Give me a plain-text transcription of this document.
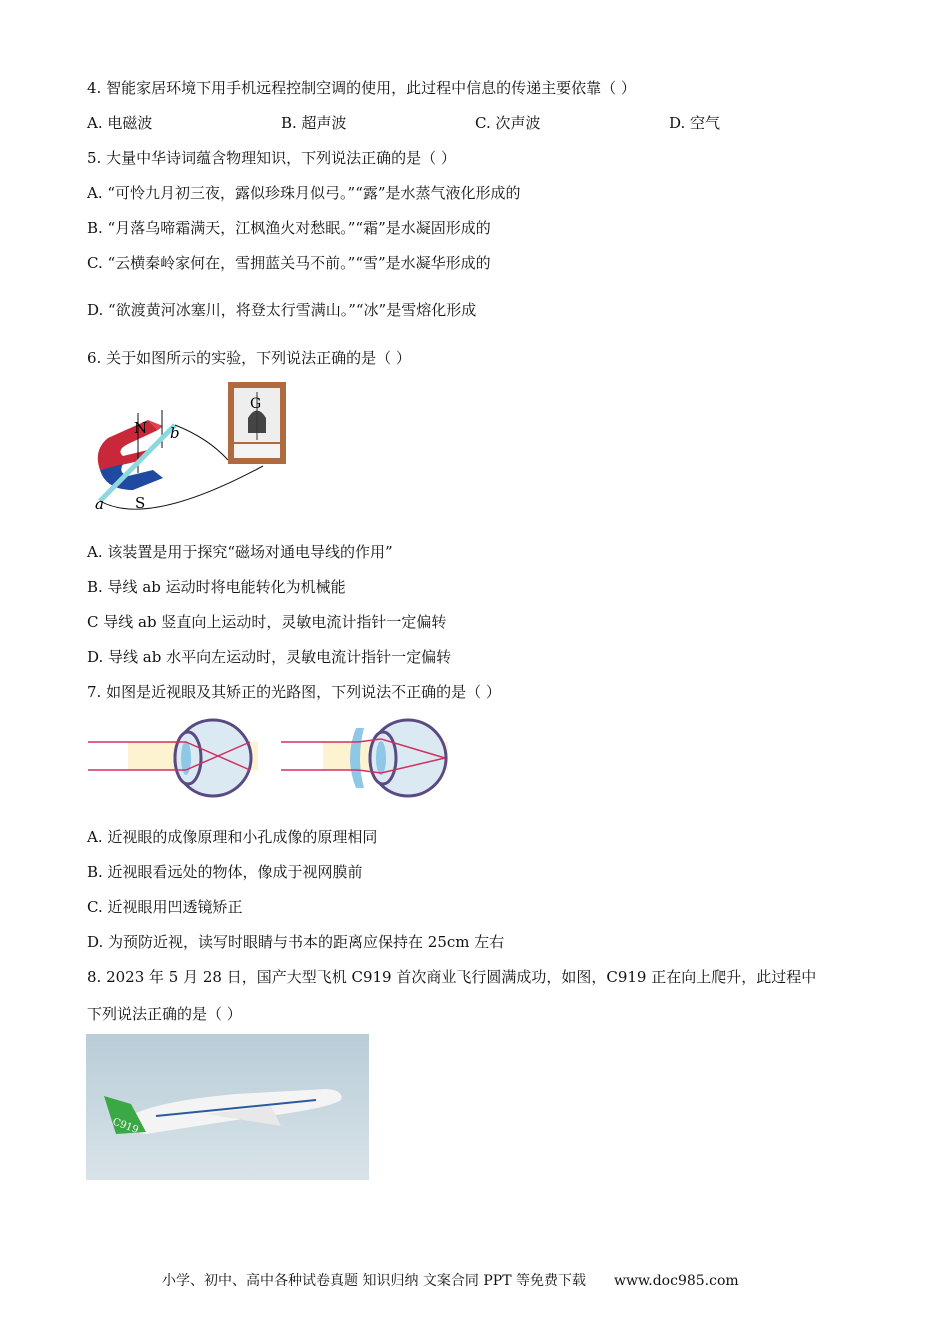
4. 智能家居环境下用手机远程控制空调的使用，此过程中信息的传递主要依靠（ ）
A. 电磁波	B. 超声波	C. 次声波	D. 空气
5. 大量中华诗词蕴含物理知识，下列说法正确的是（ ）
A. “可怜九月初三夜，露似珍珠月似弓。”“露”是水蒸气液化形成的
B. “月落乌啼霜满天，江枫渔火对愁眠。”“霜”是水凝固形成的
C. “云横秦岭家何在，雪拥蓝关马不前。”“雪”是水凝华形成的
D. “欲渡黄河冰塞川，将登太行雪满山。”“冰”是雪熔化形成
6. 关于如图所示的实验，下列说法正确的是（ ）
N
S
a
b
G
A. 该装置是用于探究“磁场对通电导线的作用”
B. 导线 ab 运动时将电能转化为机械能
C 导线 ab 竖直向上运动时，灵敏电流计指针一定偏转
D. 导线 ab 水平向左运动时，灵敏电流计指针一定偏转
7. 如图是近视眼及其矫正的光路图，下列说法不正确的是（ ）
A. 近视眼的成像原理和小孔成像的原理相同
B. 近视眼看远处的物体，像成于视网膜前
C. 近视眼用凹透镜矫正
D. 为预防近视，读写时眼睛与书本的距离应保持在 25cm 左右
8. 2023 年 5 月 28 日，国产大型飞机 C919 首次商业飞行圆满成功，如图，C919 正在向上爬升，此过程中
下列说法正确的是（ ）
C919
小学、初中、高中各种试卷真题 知识归纳 文案合同 PPT 等免费下载 www.doc985.com
